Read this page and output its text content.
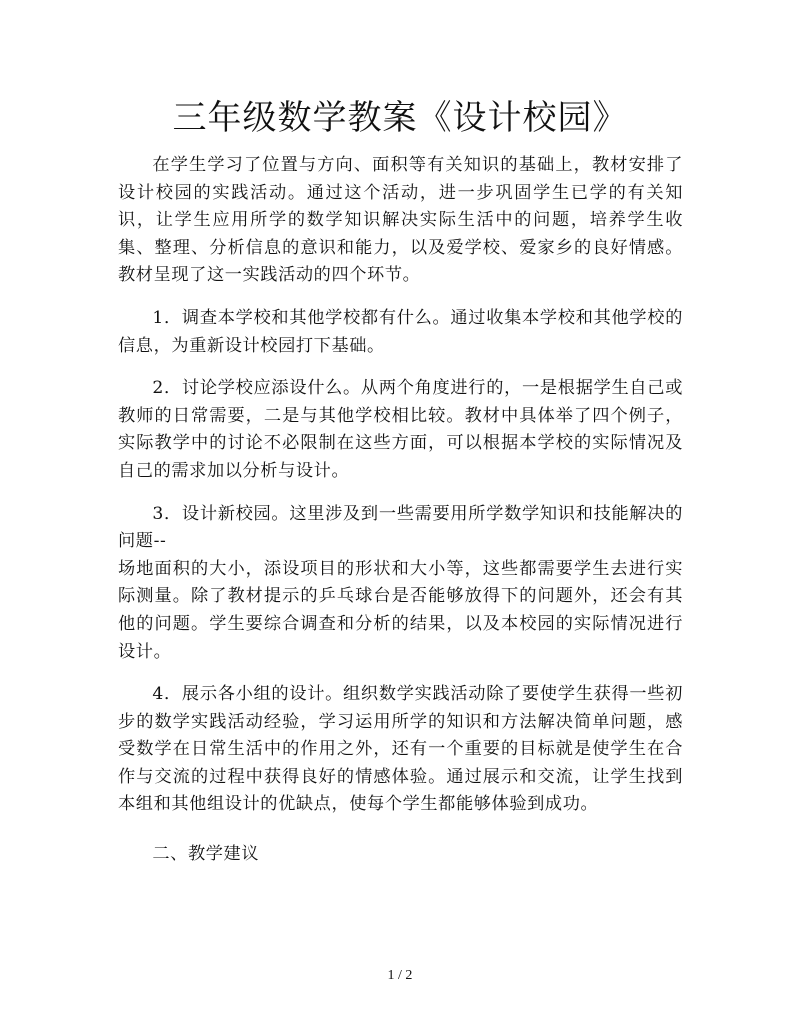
三年级数学教案《设计校园》

在学生学习了位置与方向、面积等有关知识的基础上，教材安排了设计校园的实践活动。通过这个活动，进一步巩固学生已学的有关知识，让学生应用所学的数学知识解决实际生活中的问题，培养学生收集、整理、分析信息的意识和能力，以及爱学校、爱家乡的良好情感。教材呈现了这一实践活动的四个环节。

1．调查本学校和其他学校都有什么。通过收集本学校和其他学校的信息，为重新设计校园打下基础。

2．讨论学校应添设什么。从两个角度进行的，一是根据学生自己或教师的日常需要，二是与其他学校相比较。教材中具体举了四个例子，实际教学中的讨论不必限制在这些方面，可以根据本学校的实际情况及自己的需求加以分析与设计。

3．设计新校园。这里涉及到一些需要用所学数学知识和技能解决的问题--

场地面积的大小，添设项目的形状和大小等，这些都需要学生去进行实际测量。除了教材提示的乒乓球台是否能够放得下的问题外，还会有其他的问题。学生要综合调查和分析的结果，以及本校园的实际情况进行设计。

4．展示各小组的设计。组织数学实践活动除了要使学生获得一些初步的数学实践活动经验，学习运用所学的知识和方法解决简单问题，感受数学在日常生活中的作用之外，还有一个重要的目标就是使学生在合作与交流的过程中获得良好的情感体验。通过展示和交流，让学生找到本组和其他组设计的优缺点，使每个学生都能够体验到成功。

二、教学建议

1 / 2
